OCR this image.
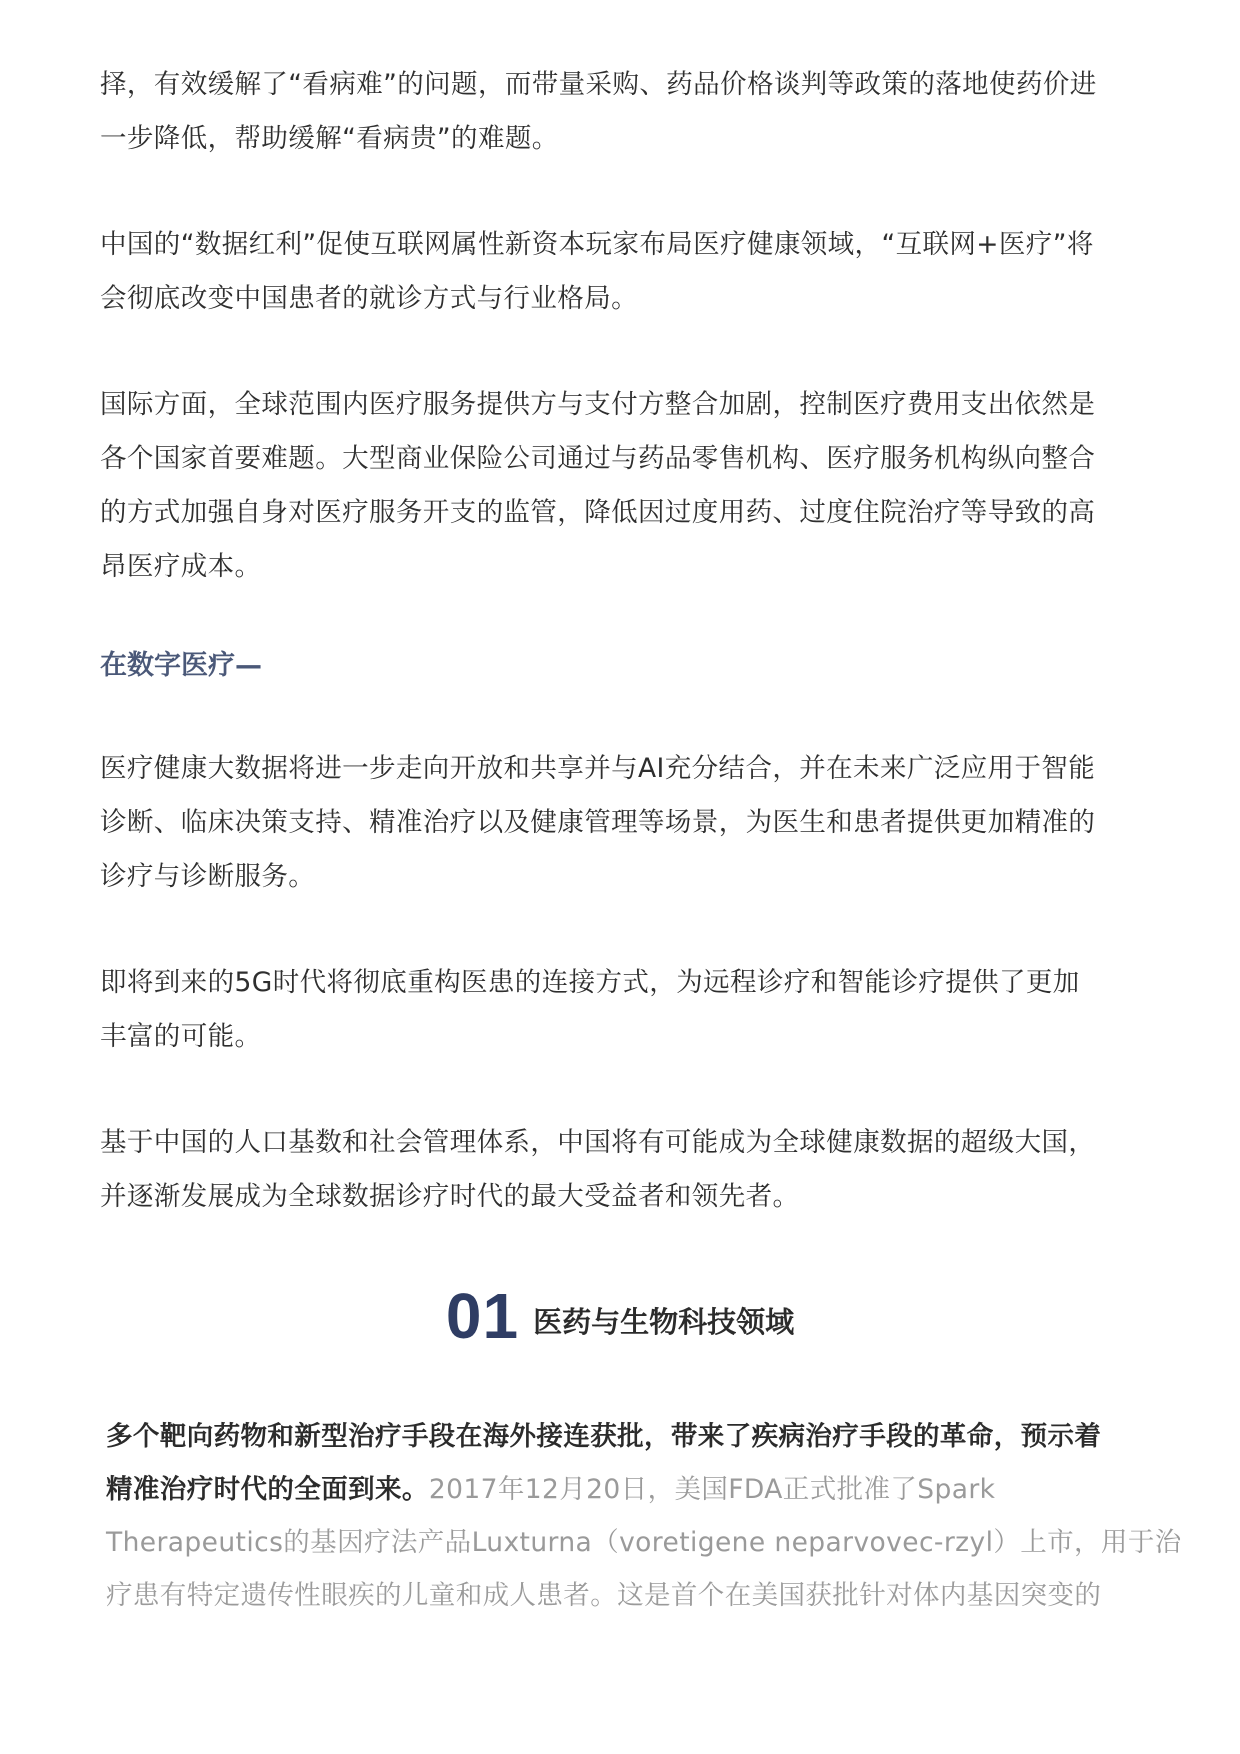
择，有效缓解了“看病难”的问题，而带量采购、药品价格谈判等政策的落地使药价进
一步降低，帮助缓解“看病贵”的难题。
中国的“数据红利”促使互联网属性新资本玩家布局医疗健康领域，“互联网+医疗”将
会彻底改变中国患者的就诊方式与行业格局。
国际方面，全球范围内医疗服务提供方与支付方整合加剧，控制医疗费用支出依然是
各个国家首要难题。大型商业保险公司通过与药品零售机构、医疗服务机构纵向整合
的方式加强自身对医疗服务开支的监管，降低因过度用药、过度住院治疗等导致的高
昂医疗成本。
在数字医疗—
医疗健康大数据将进一步走向开放和共享并与AI充分结合，并在未来广泛应用于智能
诊断、临床决策支持、精准治疗以及健康管理等场景，为医生和患者提供更加精准的
诊疗与诊断服务。
即将到来的5G时代将彻底重构医患的连接方式，为远程诊疗和智能诊疗提供了更加
丰富的可能。
基于中国的人口基数和社会管理体系，中国将有可能成为全球健康数据的超级大国，
并逐渐发展成为全球数据诊疗时代的最大受益者和领先者。
01 医药与生物科技领域
多个靶向药物和新型治疗手段在海外接连获批，带来了疾病治疗手段的革命，预示着
精准治疗时代的全面到来。2017年12月20日，美国FDA正式批准了Spark
Therapeutics的基因疗法产品Luxturna（voretigene neparvovec-rzyl）上市，用于治
疗患有特定遗传性眼疾的儿童和成人患者。这是首个在美国获批针对体内基因突变的
